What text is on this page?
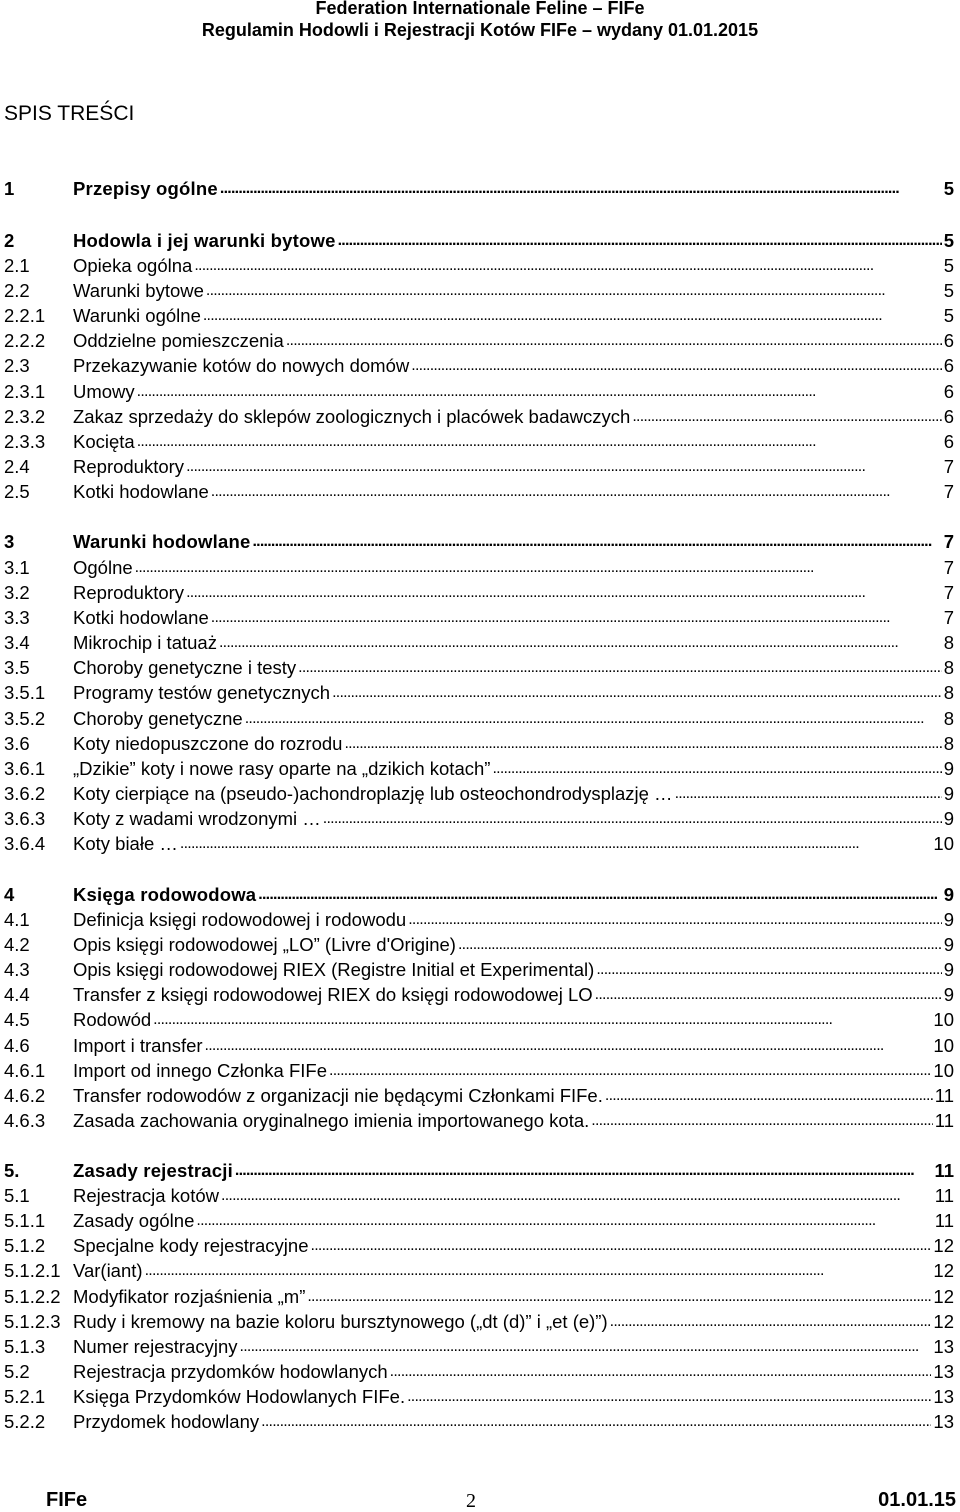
Federation Internationale Feline – FIFe
Regulamin Hodowli i Rejestracji Kotów FIFe – wydany 01.01.2015
SPIS TREŚCI
1	Przepisy ogólne . . .	5
2	Hodowla i jej warunki bytowe . . .	5
2.1	Opieka ogólna . . .	5
2.2	Warunki bytowe . . .	5
2.2.1	Warunki ogólne . . .	5
2.2.2	Oddzielne pomieszczenia . . .	6
2.3	Przekazywanie kotów do nowych domów . . .	6
2.3.1	Umowy . . .	6
2.3.2	Zakaz sprzedaży do sklepów zoologicznych i placówek badawczych . . .	6
2.3.3	Kocięta . . .	6
2.4	Reproduktory . . .	7
2.5	Kotki hodowlane . . .	7
3	Warunki hodowlane . . .	7
3.1	Ogólne . . .	7
3.2	Reproduktory . . .	7
3.3	Kotki hodowlane . . .	7
3.4	Mikrochip i tatuaż . . .	8
3.5	Choroby genetyczne i testy . . .	8
3.5.1	Programy testów genetycznych . . .	8
3.5.2	Choroby genetyczne . . .	8
3.6	Koty niedopuszczone do rozrodu . . .	8
3.6.1	„Dzikie” koty i nowe rasy oparte na „dzikich kotach” . . .	9
3.6.2	Koty cierpiące na (pseudo-)achondroplazję lub osteochondrodysplazję … . . .	9
3.6.3	Koty z wadami wrodzonymi … . . .	9
3.6.4	Koty białe … . . .	10
4	Księga rodowodowa . . .	9
4.1	Definicja księgi rodowodowej i rodowodu . . .	9
4.2	Opis księgi rodowodowej „LO” (Livre d'Origine) . . .	9
4.3	Opis księgi rodowodowej RIEX (Registre Initial et Experimental) . . .	9
4.4	Transfer z księgi rodowodowej RIEX do księgi rodowodowej LO . . .	9
4.5	Rodowód . . .	10
4.6	Import i transfer . . .	10
4.6.1	Import od innego Członka FIFe . . .	10
4.6.2	Transfer rodowodów z organizacji nie będącymi Członkami FIFe. . . .	11
4.6.3	Zasada zachowania oryginalnego imienia importowanego kota. . . .	11
5.	Zasady rejestracji . . .	11
5.1	Rejestracja kotów . . .	11
5.1.1	Zasady ogólne . . .	11
5.1.2	Specjalne kody rejestracyjne . . .	12
5.1.2.1 Var(iant) . . .	12
5.1.2.2 Modyfikator rozjaśnienia „m” . . .	12
5.1.2.3 Rudy i kremowy na bazie koloru bursztynowego („dt (d)” i „et (e)”) . . .	12
5.1.3	Numer rejestracyjny . . .	13
5.2	Rejestracja przydomków hodowlanych . . .	13
5.2.1	Księga Przydomków Hodowlanych FIFe. . . .	13
5.2.2	Przydomek hodowlany . . .	13
FIFe	2	01.01.15
